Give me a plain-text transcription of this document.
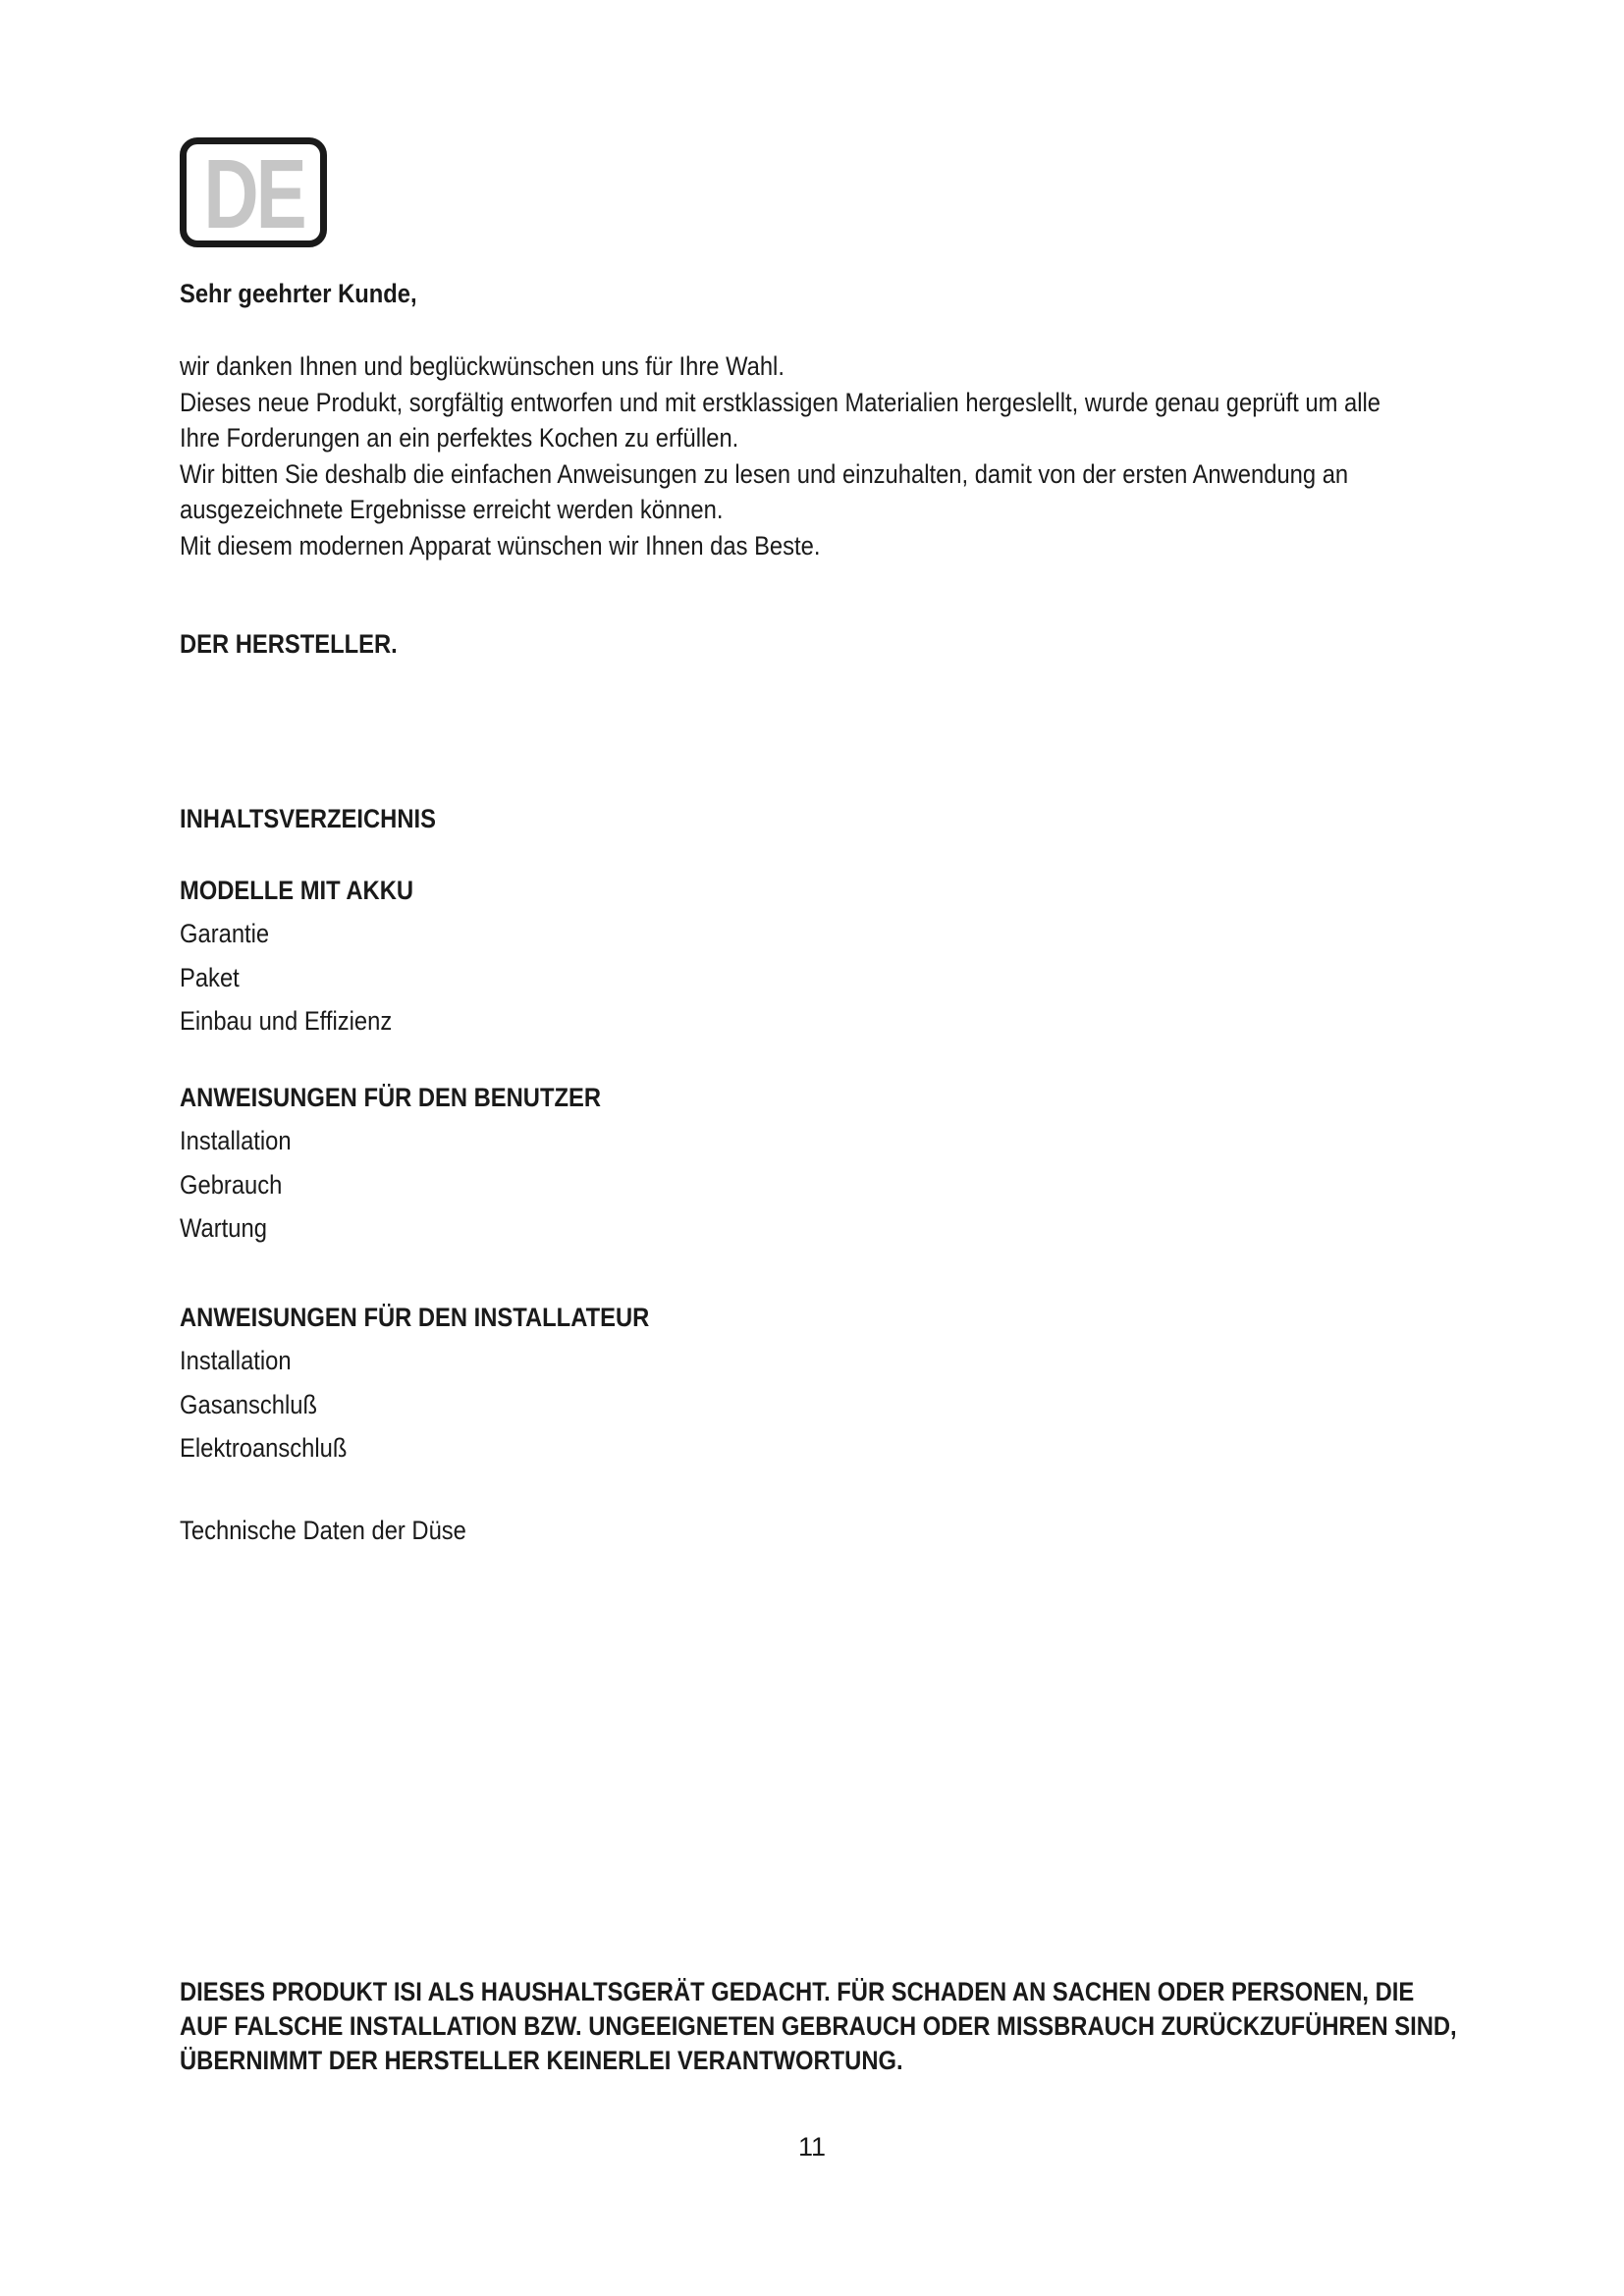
DE
Sehr geehrter Kunde,
wir danken Ihnen und beglückwünschen uns für Ihre Wahl.
Dieses neue Produkt, sorgfältig entworfen und mit erstklassigen Materialien hergeslellt, wurde genau geprüft um alle
Ihre Forderungen an ein perfektes Kochen zu erfüllen.
Wir bitten Sie deshalb die einfachen Anweisungen zu lesen und einzuhalten, damit von der ersten Anwendung an
ausgezeichnete Ergebnisse erreicht werden können.
Mit diesem modernen Apparat wünschen wir Ihnen das Beste.
DER HERSTELLER.
INHALTSVERZEICHNIS
MODELLE MIT AKKU
Garantie
Paket
Einbau und Effizienz
ANWEISUNGEN FÜR DEN BENUTZER
Installation
Gebrauch
Wartung
ANWEISUNGEN FÜR DEN INSTALLATEUR
Installation
Gasanschluß
Elektroanschluß
Technische Daten der Düse
DIESES PRODUKT ISI ALS HAUSHALTSGERÄT GEDACHT. FÜR SCHADEN AN SACHEN ODER PERSONEN, DIE
AUF FALSCHE INSTALLATION BZW. UNGEEIGNETEN GEBRAUCH ODER MISSBRAUCH ZURÜCKZUFÜHREN SIND,
ÜBERNIMMT DER HERSTELLER KEINERLEI VERANTWORTUNG.
11
